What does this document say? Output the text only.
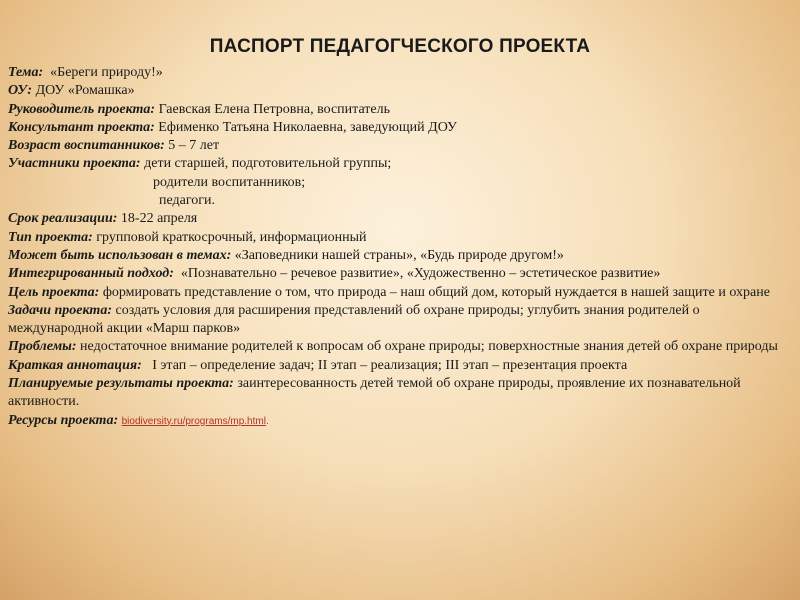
ПАСПОРТ ПЕДАГОГЧЕСКОГО ПРОЕКТА
Тема:  «Береги природу!»
ОУ: ДОУ «Ромашка»
Руководитель проекта: Гаевская Елена Петровна, воспитатель
Консультант проекта: Ефименко Татьяна Николаевна, заведующий ДОУ
Возраст воспитанников: 5 – 7 лет
Участники проекта: дети старшей, подготовительной группы;
родители воспитанников;
педагоги.
Срок реализации: 18-22 апреля
Тип проекта: групповой краткосрочный, информационный
Может быть использован в темах: «Заповедники нашей страны», «Будь природе другом!»
Интегрированный подход:  «Познавательно – речевое развитие», «Художественно – эстетическое развитие»
Цель проекта: формировать представление о том, что природа – наш общий дом, который нуждается в нашей защите и охране
Задачи проекта: создать условия для расширения представлений об охране природы; углубить знания родителей о международной акции «Марш парков»
Проблемы: недостаточное внимание родителей к вопросам об охране природы; поверхностные знания детей об охране природы
Краткая аннотация:   I этап – определение задач; II этап – реализация; III этап – презентация проекта
Планируемые результаты проекта: заинтересованность детей темой об охране природы, проявление их познавательной активности.
Ресурсы проекта: biodiversity.ru/programs/mp.html.
